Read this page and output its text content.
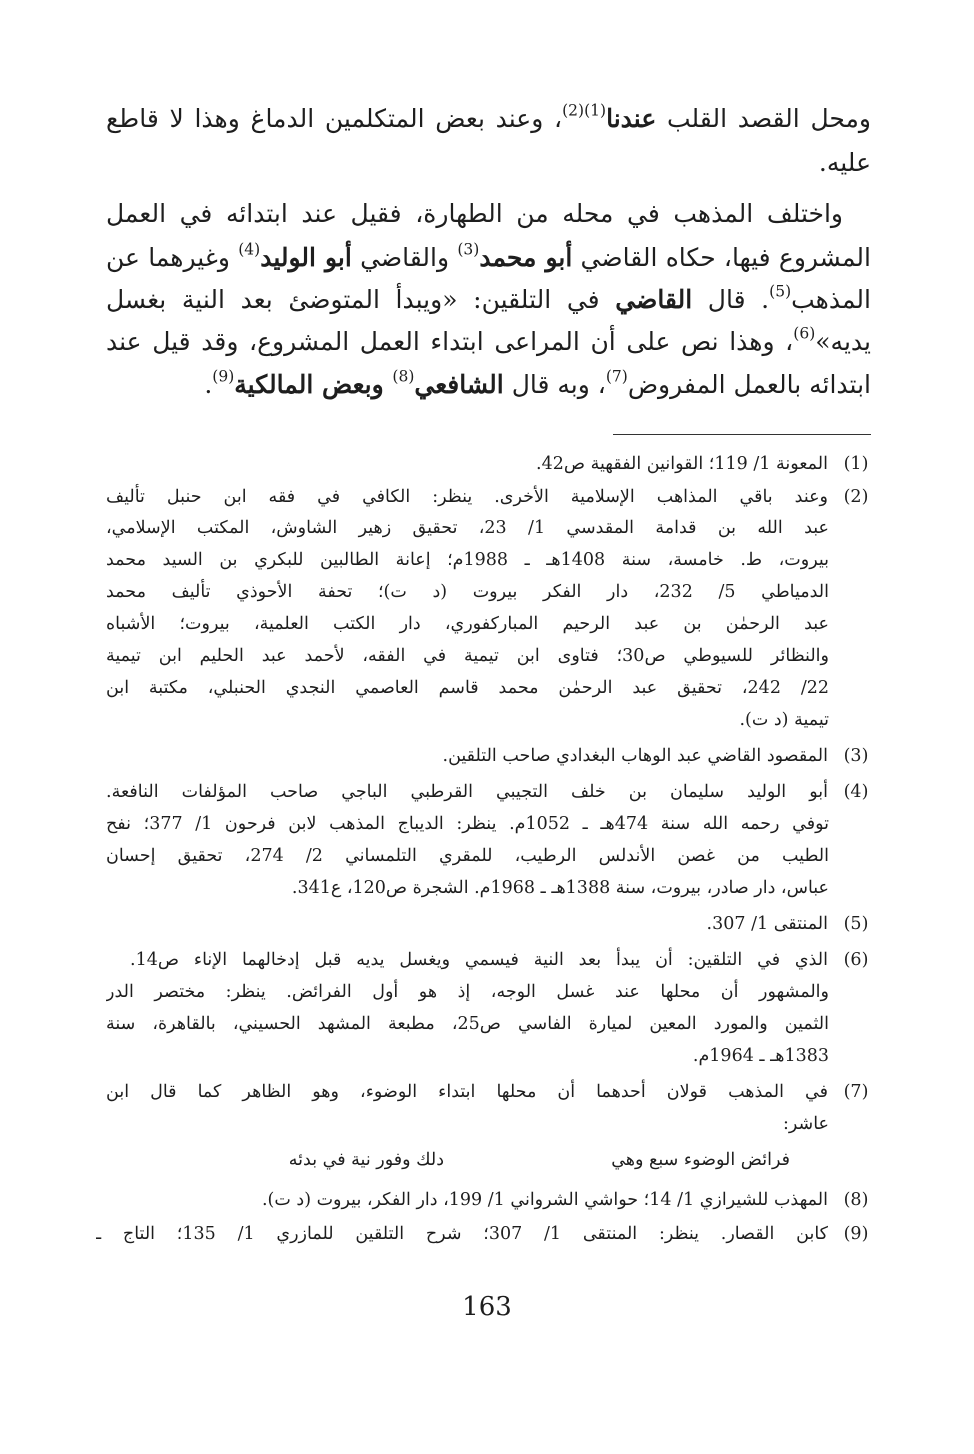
ومحل القصد القلب عندنا$^{(1)(2)}$، وعند بعض المتكلمين الدماغ وهذا لا قاطع
عليه.
واختلف المذهب في محله من الطهارة، فقيل عند ابتدائه في العمل
المشروع فيها، حكاه القاضي أبو محمد$^{(3)}$ والقاضي أبو الوليد$^{(4)}$ وغيرهما عن
المذهب$^{(5)}$. قال القاضي في التلقين: «ويبدأ المتوضئ بعد النية بغسل
يديه»$^{(6)}$، وهذا نص على أن المراعى ابتداء العمل المشروع، وقد قيل عند
ابتدائه بالعمل المفروض$^{(7)}$، وبه قال الشافعي$^{(8)}$ وبعض المالكية$^{(9)}$.
(1)
المعونة 1/ 119؛ القوانين الفقهية ص42.
(2)
وعند باقي المذاهب الإسلامية الأخرى. ينظر: الكافي في فقه ابن حنبل تأليف
عبد الله بن قدامة المقدسي 1/ 23، تحقيق زهير الشاوش، المكتب الإسلامي،
بيروت، ط. خامسة، سنة 1408هـ ـ 1988م؛ إعانة الطالبين للبكري بن السيد محمد
الدمياطي 5/ 232، دار الفكر بيروت (د ت)؛ تحفة الأحوذي تأليف محمد
عبد الرحمٰن بن عبد الرحيم المباركفوري، دار الكتب العلمية، بيروت؛ الأشباه
والنظائر للسيوطي ص30؛ فتاوى ابن تيمية في الفقه، لأحمد عبد الحليم ابن تيمية
22/ 242، تحقيق عبد الرحمٰن محمد قاسم العاصمي النجدي الحنبلي، مكتبة ابن
تيمية (د ت).
(3)
المقصود القاضي عبد الوهاب البغدادي صاحب التلقين.
(4)
أبو الوليد سليمان بن خلف التجيبي القرطبي الباجي صاحب المؤلفات النافعة.
توفي رحمه الله سنة 474هـ ـ 1052م. ينظر: الديباج المذهب لابن فرحون 1/ 377؛ نفح
الطيب من غصن الأندلس الرطيب، للمقري التلمساني 2/ 274، تحقيق إحسان
عباس، دار صادر، بيروت، سنة 1388هـ ـ 1968م. الشجرة ص120، ع341.
(5)
المنتقى 1/ 307.
(6)
الذي في التلقين: أن يبدأ بعد النية فيسمي ويغسل يديه قبل إدخالهما الإناء ص14.
والمشهور أن محلها عند غسل الوجه، إذ هو أول الفرائض. ينظر: مختصر الدر
الثمين والمورد المعين لميارة الفاسي ص25، مطبعة المشهد الحسيني، بالقاهرة، سنة
1383هـ ـ 1964م.
(7)
في المذهب قولان أحدهما أن محلها ابتداء الوضوء، وهو الظاهر كما قال ابن
عاشر:
فرائض الوضوء سبع وهي
دلك وفور نية في بدئه
(8)
المهذب للشيرازي 1/ 14؛ حواشي الشرواني 1/ 199، دار الفكر، بيروت (د ت).
(9)
كابن القصار. ينظر: المنتقى 1/ 307؛ شرح التلقين للمازري 1/ 135؛ التاج ـ
163
